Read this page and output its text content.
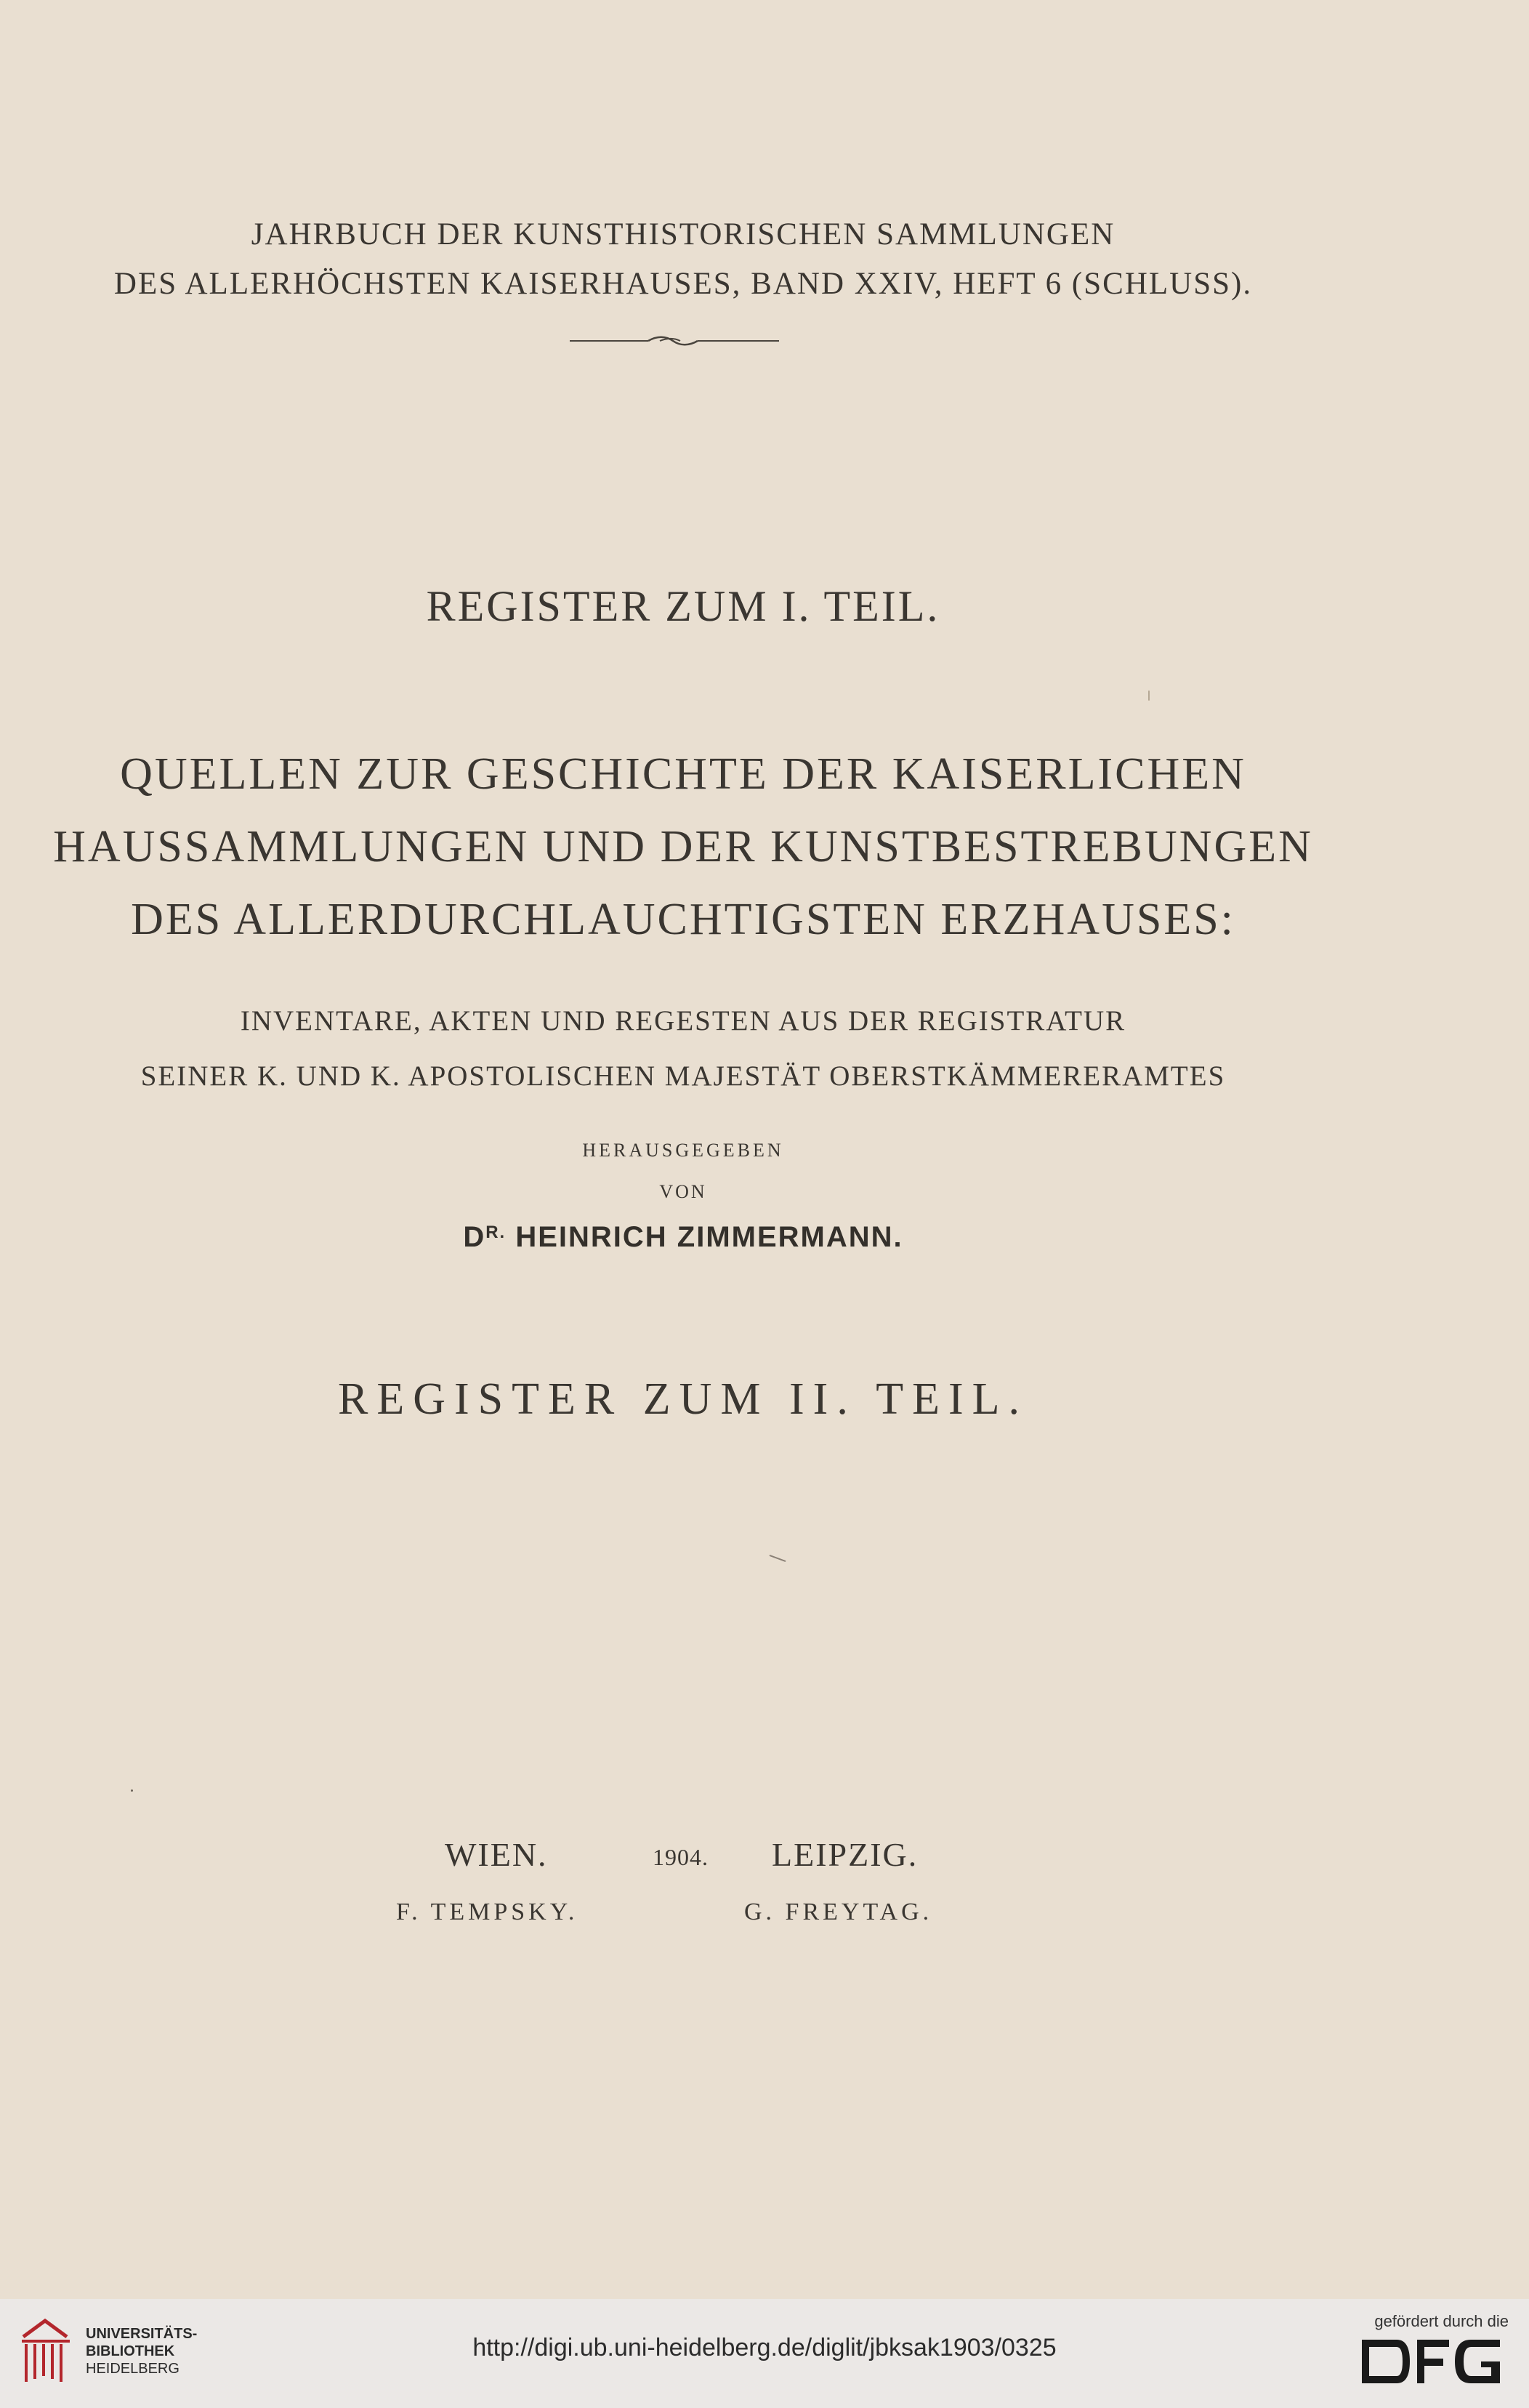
JAHRBUCH DER KUNSTHISTORISCHEN SAMMLUNGEN
DES ALLERHÖCHSTEN KAISERHAUSES, BAND XXIV, HEFT 6 (SCHLUSS).
REGISTER ZUM I. TEIL.
QUELLEN ZUR GESCHICHTE DER KAISERLICHEN
HAUSSAMMLUNGEN UND DER KUNSTBESTREBUNGEN
DES ALLERDURCHLAUCHTIGSTEN ERZHAUSES:
INVENTARE, AKTEN UND REGESTEN AUS DER REGISTRATUR
SEINER K. UND K. APOSTOLISCHEN MAJESTÄT OBERSTKÄMMERERAMTES
HERAUSGEGEBEN
VON
$D^{R.}$ HEINRICH ZIMMERMANN.
REGISTER ZUM II. TEIL.
WIEN.	1904. LEIPZIG.
F. TEMPSKY.	G. FREYTAG.
UNIVERSITÄTS-
BIBLIOTHEK
HEIDELBERG
http://digi.ub.uni-heidelberg.de/diglit/jbksak1903/0325
gefördert durch die
